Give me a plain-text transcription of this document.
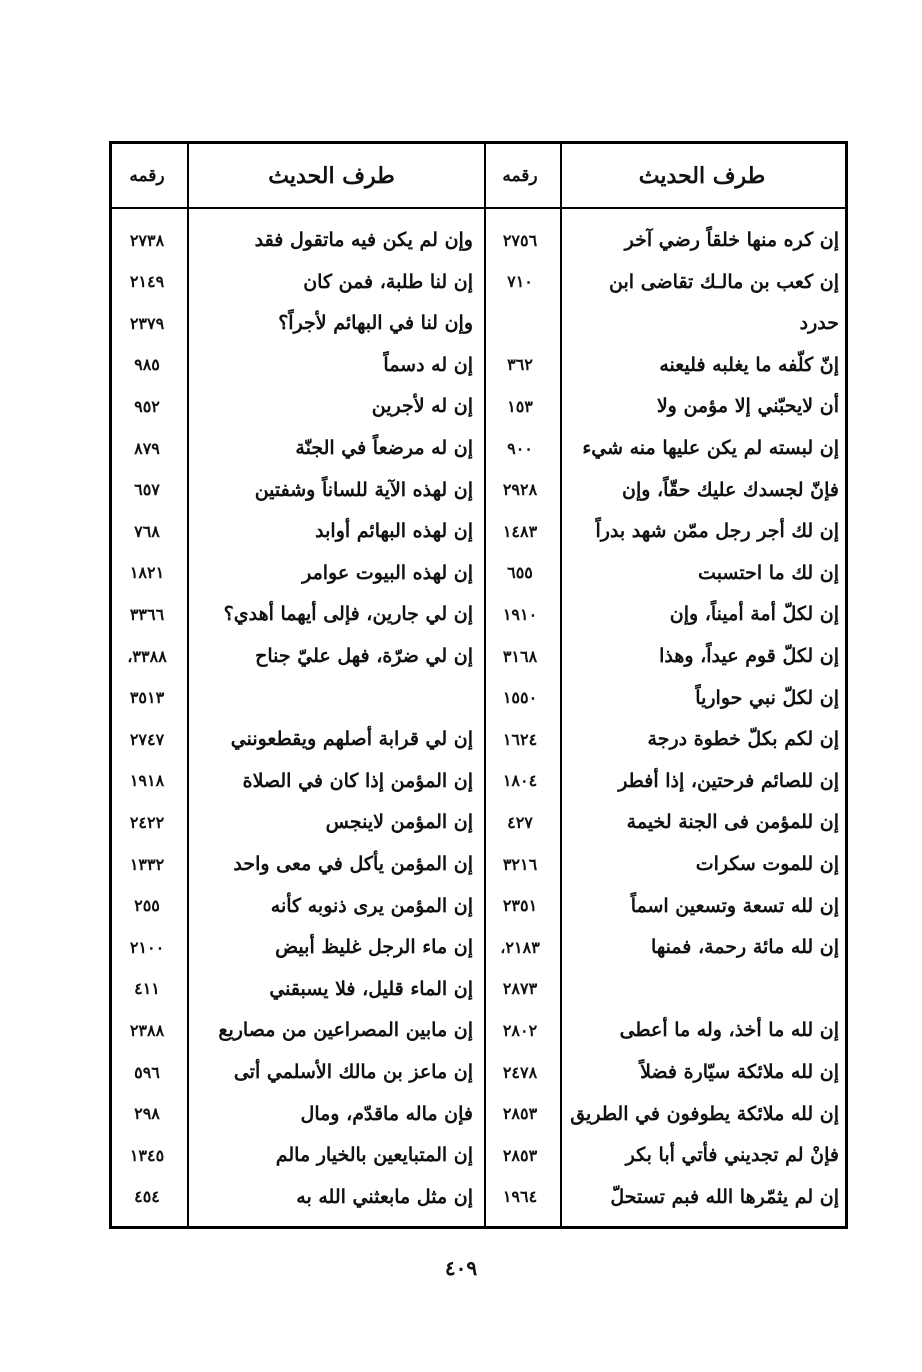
طرف الحديث
رقمه
طرف الحديث
رقمه
إن كره منها خلقاً رضي آخر
٢٧٥٦
وإن لم يكن فيه ماتقول فقد
٢٧٣٨
إن كعب بن مالـك تقاضى ابن
٧١٠
إن لنا طلبة، فمن كان
٢١٤٩
حدرد
وإن لنا في البهائم لأجراً؟
٢٣٧٩
إنّ كلّفه ما يغلبه فليعنه
٣٦٢
إن له دسماً
٩٨٥
أن لايحبّني إلا مؤمن ولا
١٥٣
إن له لأجرين
٩٥٢
إن لبسته لم يكن عليها منه شيء
٩٠٠
إن له مرضعاً في الجنّة
٨٧٩
فإنّ لجسدك عليك حقّاً، وإن
٢٩٢٨
إن لهذه الآية للساناً وشفتين
٦٥٧
إن لك أجر رجل ممّن شهد بدراً
١٤٨٣
إن لهذه البهائم أوابد
٧٦٨
إن لك ما احتسبت
٦٥٥
إن لهذه البيوت عوامر
١٨٢١
إن لكلّ أمة أميناً، وإن
١٩١٠
إن لي جارين، فإلى أيهما أهدي؟
٣٣٦٦
إن لكلّ قوم عيداً، وهذا
٣١٦٨
إن لي ضرّة، فهل عليّ جناح
٣٣٨٨،
إن لكلّ نبي حوارياً
١٥٥٠
٣٥١٣
إن لكم بكلّ خطوة درجة
١٦٢٤
إن لي قرابة أصلهم ويقطعونني
٢٧٤٧
إن للصائم فرحتين، إذا أفطر
١٨٠٤
إن المؤمن إذا كان في الصلاة
١٩١٨
إن للمؤمن فى الجنة لخيمة
٤٢٧
إن المؤمن لاينجس
٢٤٢٢
إن للموت سكرات
٣٢١٦
إن المؤمن يأكل في معى واحد
١٣٣٢
إن لله تسعة وتسعين اسماً
٢٣٥١
إن المؤمن يرى ذنوبه كأنه
٢٥٥
إن لله مائة رحمة، فمنها
٢١٨٣،
إن ماء الرجل غليظ أبيض
٢١٠٠
٢٨٧٣
إن الماء قليل، فلا يسبقني
٤١١
إن لله ما أخذ، وله ما أعطى
٢٨٠٢
إن مابين المصراعين من مصاريع
٢٣٨٨
إن لله ملائكة سيّارة فضلاً
٢٤٧٨
إن ماعز بن مالك الأسلمي أتى
٥٩٦
إن لله ملائكة يطوفون في الطريق
٢٨٥٣
فإن ماله ماقدّم، ومال
٢٩٨
فإنْ لم تجديني فأتي أبا بكر
٢٨٥٣
إن المتبايعين بالخيار مالم
١٣٤٥
إن لم يثمّرها الله فبم تستحلّ
١٩٦٤
إن مثل مابعثني الله به
٤٥٤
٤٠٩
